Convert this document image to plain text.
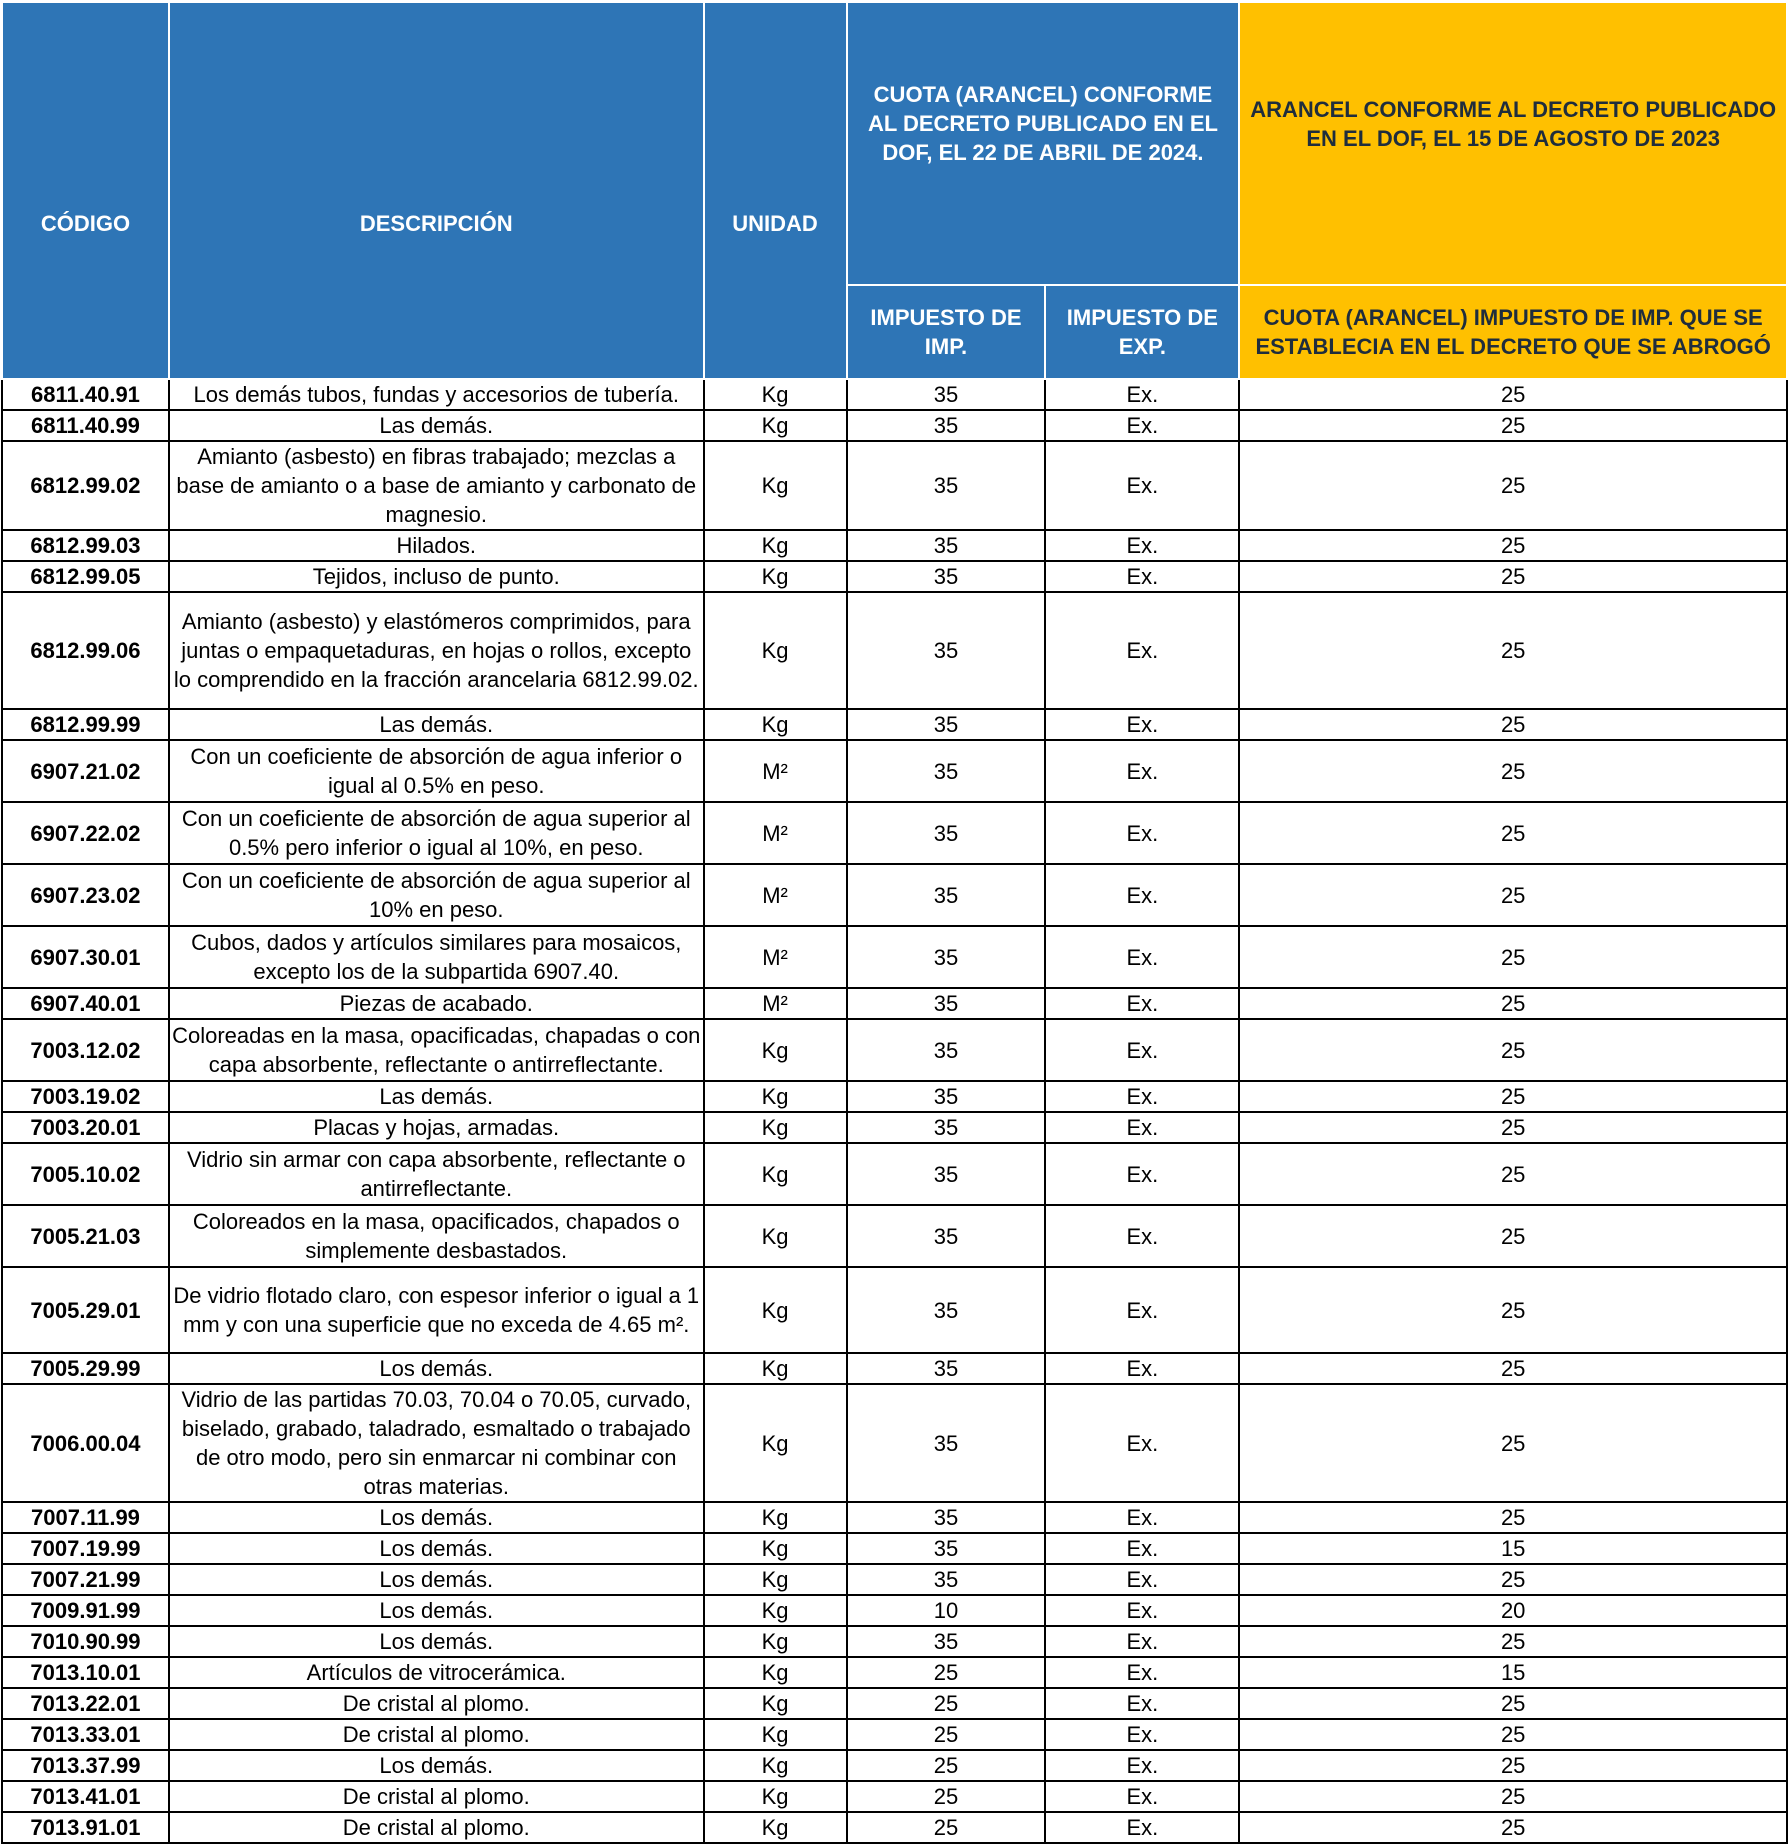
CÓDIGO	DESCRIPCIÓN	UNIDAD	CUOTA (ARANCEL) CONFORME AL DECRETO PUBLICADO EN EL DOF, EL 22 DE ABRIL DE 2024.		ARANCEL CONFORME AL DECRETO PUBLICADO EN EL DOF, EL 15 DE AGOSTO DE 2023
			IMPUESTO DE IMP.	IMPUESTO DE EXP.	CUOTA (ARANCEL) IMPUESTO DE IMP. QUE SE ESTABLECIA EN EL DECRETO QUE SE ABROGÓ
6811.40.91	Los demás tubos, fundas y accesorios de tubería.	Kg	35	Ex.	25
6811.40.99	Las demás.	Kg	35	Ex.	25
6812.99.02	Amianto (asbesto) en fibras trabajado; mezclas a base de amianto o a base de amianto y carbonato de magnesio.	Kg	35	Ex.	25
6812.99.03	Hilados.	Kg	35	Ex.	25
6812.99.05	Tejidos, incluso de punto.	Kg	35	Ex.	25
6812.99.06	Amianto (asbesto) y elastómeros comprimidos, para juntas o empaquetaduras, en hojas o rollos, excepto lo comprendido en la fracción arancelaria 6812.99.02.	Kg	35	Ex.	25
6812.99.99	Las demás.	Kg	35	Ex.	25
6907.21.02	Con un coeficiente de absorción de agua inferior o igual al 0.5% en peso.	M²	35	Ex.	25
6907.22.02	Con un coeficiente de absorción de agua superior al 0.5% pero inferior o igual al 10%, en peso.	M²	35	Ex.	25
6907.23.02	Con un coeficiente de absorción de agua superior al 10% en peso.	M²	35	Ex.	25
6907.30.01	Cubos, dados y artículos similares para mosaicos, excepto los de la subpartida 6907.40.	M²	35	Ex.	25
6907.40.01	Piezas de acabado.	M²	35	Ex.	25
7003.12.02	Coloreadas en la masa, opacificadas, chapadas o con capa absorbente, reflectante o antirreflectante.	Kg	35	Ex.	25
7003.19.02	Las demás.	Kg	35	Ex.	25
7003.20.01	Placas y hojas, armadas.	Kg	35	Ex.	25
7005.10.02	Vidrio sin armar con capa absorbente, reflectante o antirreflectante.	Kg	35	Ex.	25
7005.21.03	Coloreados en la masa, opacificados, chapados o simplemente desbastados.	Kg	35	Ex.	25
7005.29.01	De vidrio flotado claro, con espesor inferior o igual a 1 mm y con una superficie que no exceda de 4.65 m².	Kg	35	Ex.	25
7005.29.99	Los demás.	Kg	35	Ex.	25
7006.00.04	Vidrio de las partidas 70.03, 70.04 o 70.05, curvado, biselado, grabado, taladrado, esmaltado o trabajado de otro modo, pero sin enmarcar ni combinar con otras materias.	Kg	35	Ex.	25
7007.11.99	Los demás.	Kg	35	Ex.	25
7007.19.99	Los demás.	Kg	35	Ex.	15
7007.21.99	Los demás.	Kg	35	Ex.	25
7009.91.99	Los demás.	Kg	10	Ex.	20
7010.90.99	Los demás.	Kg	35	Ex.	25
7013.10.01	Artículos de vitrocerámica.	Kg	25	Ex.	15
7013.22.01	De cristal al plomo.	Kg	25	Ex.	25
7013.33.01	De cristal al plomo.	Kg	25	Ex.	25
7013.37.99	Los demás.	Kg	25	Ex.	25
7013.41.01	De cristal al plomo.	Kg	25	Ex.	25
7013.91.01	De cristal al plomo.	Kg	25	Ex.	25
